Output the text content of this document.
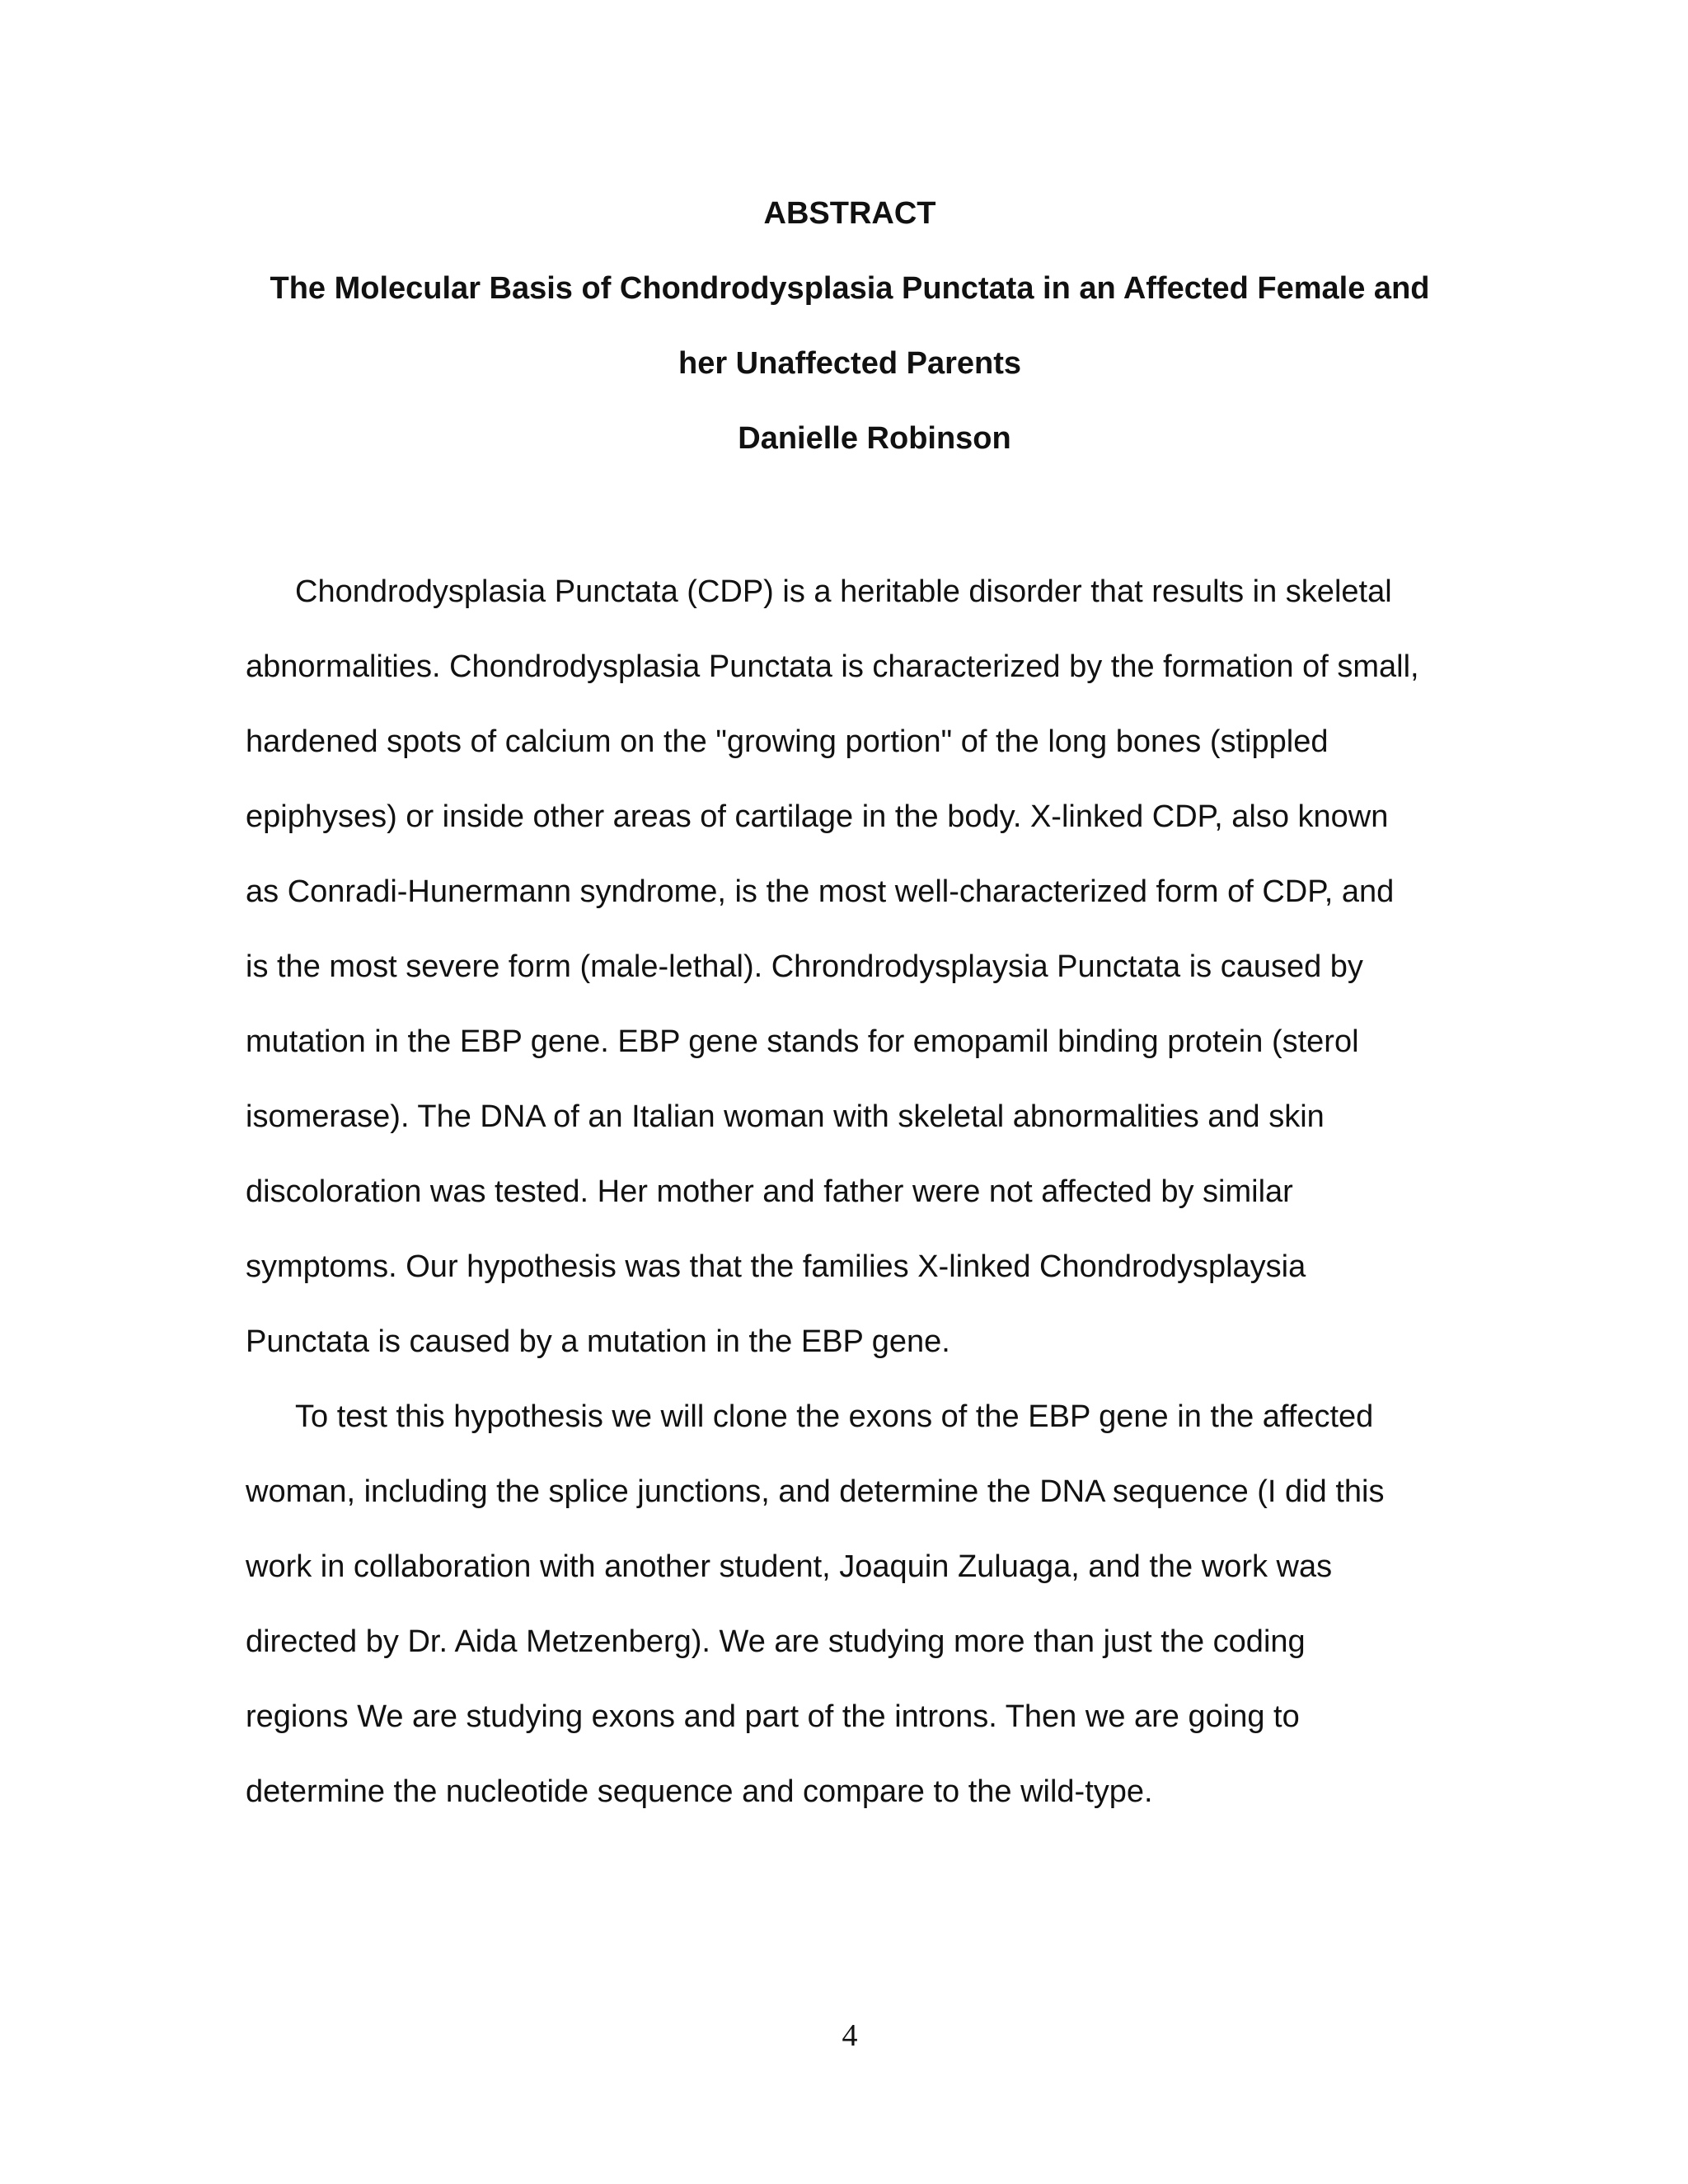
ABSTRACT
The Molecular Basis of Chondrodysplasia Punctata in an Affected Female and
her Unaffected Parents
Danielle Robinson
Chondrodysplasia Punctata (CDP) is a heritable disorder that results in skeletal
abnormalities. Chondrodysplasia Punctata is characterized by the formation of small,
hardened spots of calcium on the "growing portion" of the long bones (stippled
epiphyses) or inside other areas of cartilage in the body. X-linked CDP, also known
as Conradi-Hunermann syndrome, is the most well-characterized form of CDP, and
is the most severe form (male-lethal). Chrondrodysplaysia Punctata is caused by
mutation in the EBP gene. EBP gene stands for emopamil binding protein (sterol
isomerase). The DNA of an Italian woman with skeletal abnormalities and skin
discoloration was tested. Her mother and father were not affected by similar
symptoms. Our hypothesis was that the families X-linked Chondrodysplaysia
Punctata is caused by a mutation in the EBP gene.
To test this hypothesis we will clone the exons of the EBP gene in the affected
woman, including the splice junctions, and determine the DNA sequence (I did this
work in collaboration with another student, Joaquin Zuluaga, and the work was
directed by Dr. Aida Metzenberg). We are studying more than just the coding
regions We are studying exons and part of the introns. Then we are going to
determine the nucleotide sequence and compare to the wild-type.
4
